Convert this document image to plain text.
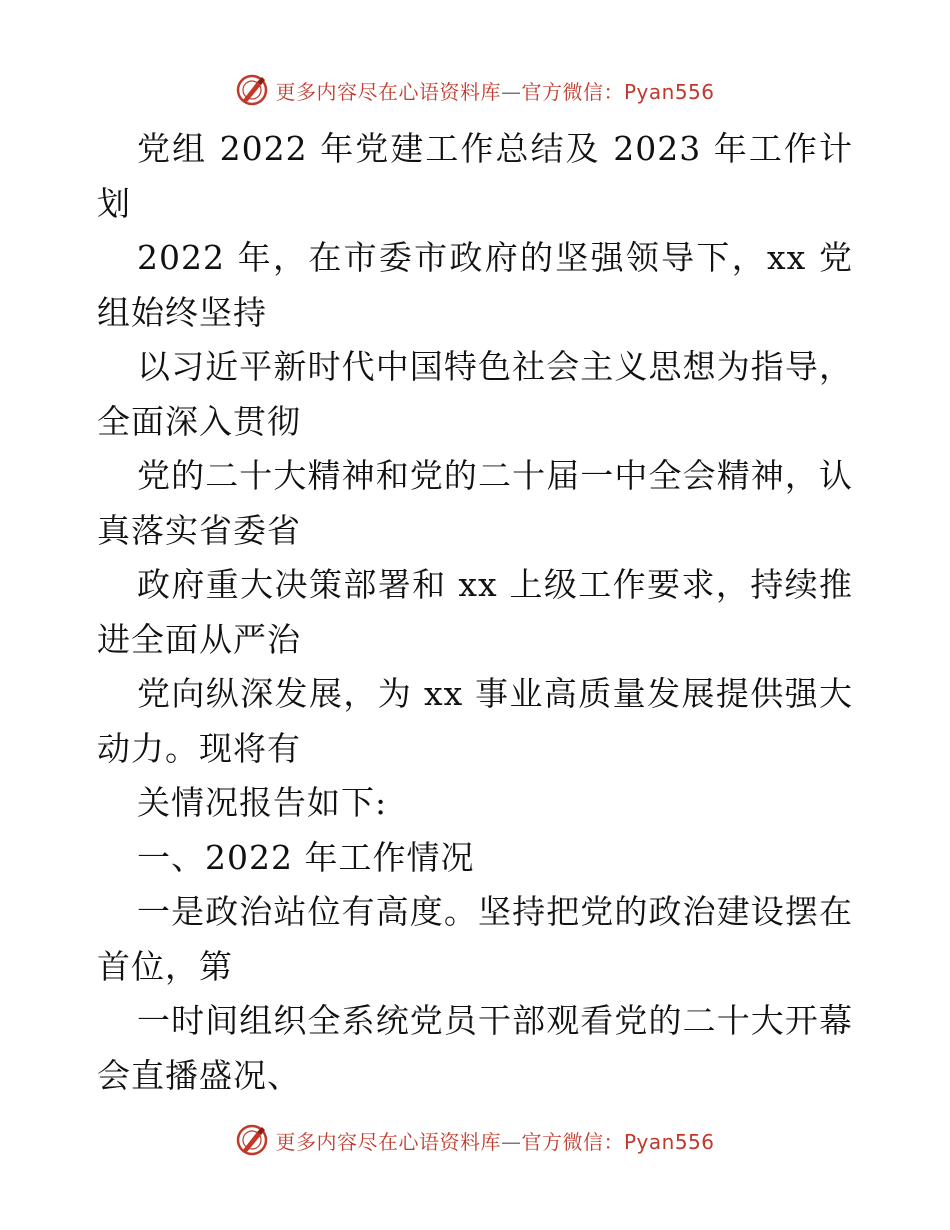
更多内容尽在心语资料库—官方微信：Pyan556

党组 2022 年党建工作总结及 2023 年工作计划

2022 年，在市委市政府的坚强领导下，xx 党组始终坚持

以习近平新时代中国特色社会主义思想为指导，全面深入贯彻

党的二十大精神和党的二十届一中全会精神，认真落实省委省

政府重大决策部署和 xx 上级工作要求，持续推进全面从严治

党向纵深发展，为 xx 事业高质量发展提供强大动力。现将有

关情况报告如下:

一、2022 年工作情况

一是政治站位有高度。坚持把党的政治建设摆在首位，第

一时间组织全系统党员干部观看党的二十大开幕会直播盛况、

更多内容尽在心语资料库—官方微信：Pyan556
